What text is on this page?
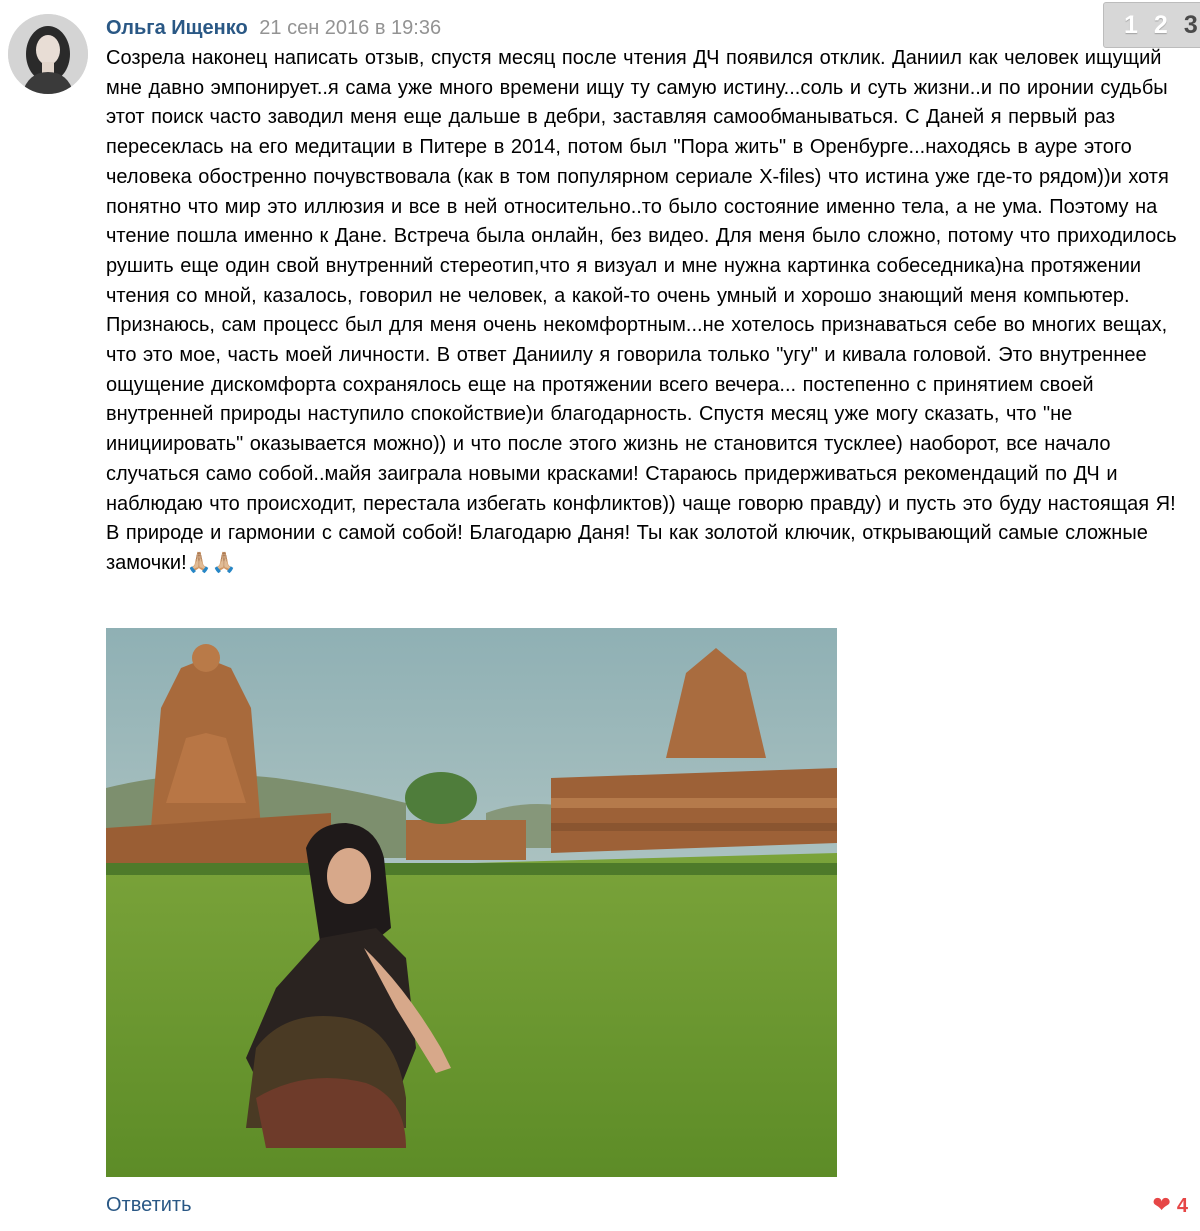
Ольга Ищенко 21 сен 2016 в 19:36	1 2 3
Созрела наконец написать отзыв, спустя месяц после чтения ДЧ появился отклик. Даниил как человек ищущий мне давно эмпонирует..я сама уже много времени ищу ту самую истину...соль и суть жизни..и по иронии судьбы этот поиск часто заводил меня еще дальше в дебри, заставляя самообманываться. С Даней я первый раз пересеклась на его медитации в Питере в 2014, потом был "Пора жить" в Оренбурге...находясь в ауре этого человека обостренно почувствовала (как в том популярном сериале X-files) что истина уже где-то рядом))и хотя понятно что мир это иллюзия и все в ней относительно..то было состояние именно тела, а не ума. Поэтому на чтение пошла именно к Дане. Встреча была онлайн, без видео. Для меня было сложно, потому что приходилось рушить еще один свой внутренний стереотип,что я визуал и мне нужна картинка собеседника)на протяжении чтения со мной, казалось, говорил не человек, а какой-то очень умный и хорошо знающий меня компьютер. Признаюсь, сам процесс был для меня очень некомфортным...не хотелось признаваться себе во многих вещах, что это мое, часть моей личности. В ответ Даниилу я говорила только "угу" и кивала головой. Это внутреннее ощущение дискомфорта сохранялось еще на протяжении всего вечера... постепенно с принятием своей внутренней природы наступило спокойствие)и благодарность. Спустя месяц уже могу сказать, что "не инициировать" оказывается можно)) и что после этого жизнь не становится тусклее) наоборот, все начало случаться само собой..майя заиграла новыми красками! Стараюсь придерживаться рекомендаций по ДЧ и наблюдаю что происходит, перестала избегать конфликтов)) чаще говорю правду) и пусть это буду настоящая Я! В природе и гармонии с самой собой! Благодарю Даня! Ты как золотой ключик, открывающий самые сложные замочки!🙏🏼🙏🏼
Ответить	❤ 4
